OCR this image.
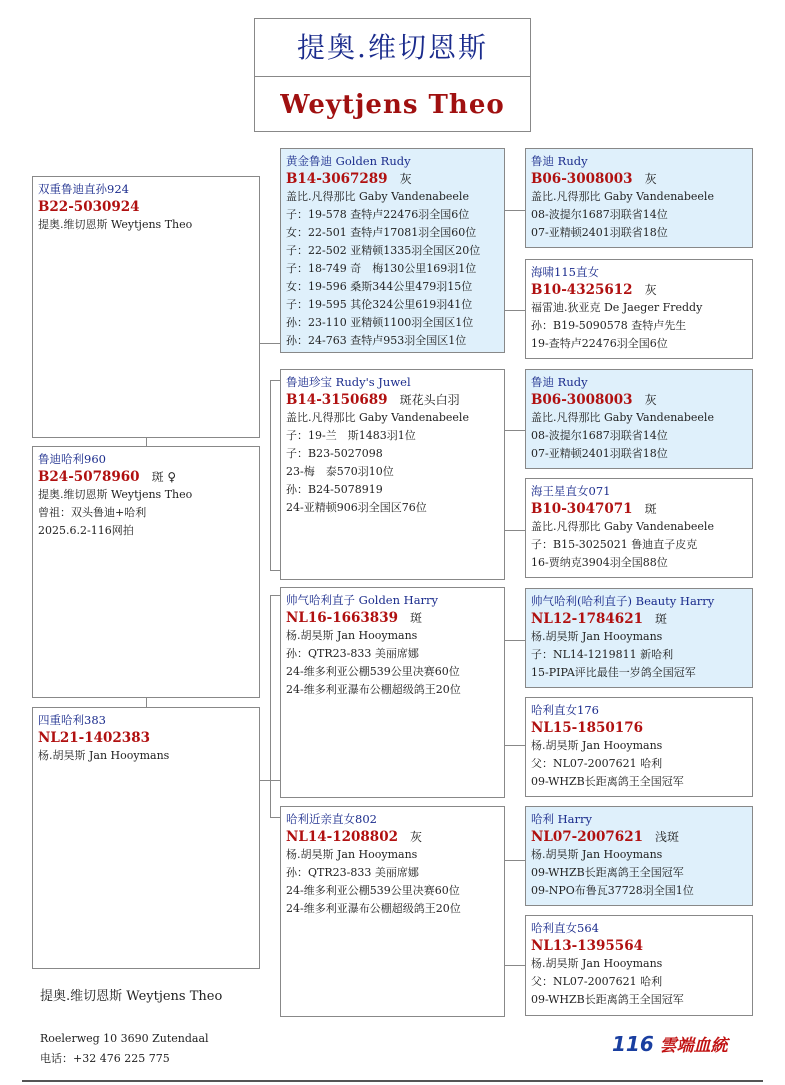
提奥.维切恩斯
Weytjens Theo
双重鲁迪直孙924
B22-5030924
提奥.维切恩斯 Weytjens Theo
鲁迪哈利960
B24-5078960 斑 ♀
提奥.维切恩斯 Weytjens Theo
曾祖：双头鲁迪+哈利
2025.6.2-116网拍
四重哈利383
NL21-1402383
杨.胡昊斯 Jan Hooymans
黄金鲁迪 Golden Rudy
B14-3067289 灰
盖比.凡得那比 Gaby Vandenabeele
子：19-578 查特卢22476羽全国6位
女：22-501 查特卢17081羽全国60位
子：22-502 亚精顿1335羽全国区20位
子：18-749 奇　梅130公里169羽1位
女：19-596 桑斯344公里479羽15位
子：19-595 其伦324公里619羽41位
孙：23-110 亚精顿1100羽全国区1位
孙：24-763 查特卢953羽全国区1位
鲁迪珍宝 Rudy's Juwel
B14-3150689 斑花头白羽
盖比.凡得那比 Gaby Vandenabeele
子：19-兰　斯1483羽1位
子：B23-5027098
23-梅　泰570羽10位
孙：B24-5078919
24-亚精顿906羽全国区76位
帅气哈利直子 Golden Harry
NL16-1663839 斑
杨.胡昊斯 Jan Hooymans
孙：QTR23-833 美丽席娜
24-维多利亚公棚539公里决赛60位
24-维多利亚瀑布公棚超级鸽王20位
哈利近亲直女802
NL14-1208802 灰
杨.胡昊斯 Jan Hooymans
孙：QTR23-833 美丽席娜
24-维多利亚公棚539公里决赛60位
24-维多利亚瀑布公棚超级鸽王20位
鲁迪 Rudy
B06-3008003 灰
盖比.凡得那比 Gaby Vandenabeele
08-波提尔1687羽联省14位
07-亚精顿2401羽联省18位
海啸115直女
B10-4325612 灰
福雷迪.狄亚克 De Jaeger Freddy
孙：B19-5090578 查特卢先生
19-查特卢22476羽全国6位
鲁迪 Rudy
B06-3008003 灰
盖比.凡得那比 Gaby Vandenabeele
08-波提尔1687羽联省14位
07-亚精顿2401羽联省18位
海王星直女071
B10-3047071 斑
盖比.凡得那比 Gaby Vandenabeele
子：B15-3025021 鲁迪直子皮克
16-贾纳克3904羽全国88位
帅气哈利(哈利直子) Beauty Harry
NL12-1784621 斑
杨.胡昊斯 Jan Hooymans
子：NL14-1219811 新哈利
15-PIPA评比最佳一岁鸽全国冠军
哈利直女176
NL15-1850176
杨.胡昊斯 Jan Hooymans
父：NL07-2007621 哈利
09-WHZB长距离鸽王全国冠军
哈利 Harry
NL07-2007621 浅斑
杨.胡昊斯 Jan Hooymans
09-WHZB长距离鸽王全国冠军
09-NPO布鲁瓦37728羽全国1位
哈利直女564
NL13-1395564
杨.胡昊斯 Jan Hooymans
父：NL07-2007621 哈利
09-WHZB长距离鸽王全国冠军
提奥.维切恩斯 Weytjens Theo
Roelerweg 10 3690 Zutendaal
电话：+32 476 225 775
116 雲端血統
